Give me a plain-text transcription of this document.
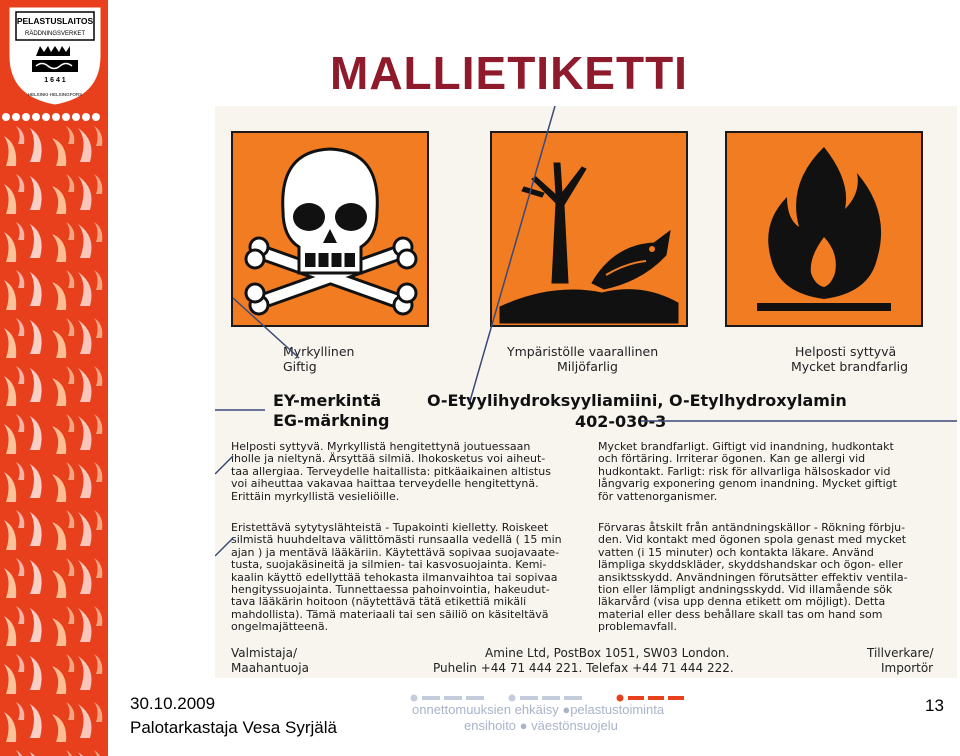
PELASTUSLAITOS
RÄDDNINGSVERKET
1 6 4 1
HELSINKI·HELSINGFORS	MALLIETIKETTI
Myrkyllinen
Giftig
Ympäristölle vaarallinen
Miljöfarlig
Helposti syttyvä
Mycket brandfarlig
EY-merkintä
EG-märkning
O-Etyylihydroksyyliamiini, O-Etylhydroxylamin
402-030-3
Helposti syttyvä. Myrkyllistä hengitettynä joutuessaan
iholle ja nieltynä. Ärsyttää silmiä. Ihokosketus voi aiheut-
taa allergiaa. Terveydelle haitallista: pitkäaikainen altistus
voi aiheuttaa vakavaa haittaa terveydelle hengitettynä.
Erittäin myrkyllistä vesieliöille.
Mycket brandfarligt. Giftigt vid inandning, hudkontakt
och förtäring. Irriterar ögonen. Kan ge allergi vid
hudkontakt. Farligt: risk för allvarliga hälsoskador vid
långvarig exponering genom inandning. Mycket giftigt
för vattenorganismer.
Eristettävä sytytyslähteistä - Tupakointi kielletty. Roiskeet
silmistä huuhdeltava välittömästi runsaalla vedellä ( 15 min
ajan ) ja mentävä lääkäriin. Käytettävä sopivaa suojavaate-
tusta, suojakäsineitä ja silmien- tai kasvosuojainta. Kemi-
kaalin käyttö edellyttää tehokasta ilmanvaihtoa tai sopivaa
hengityssuojainta. Tunnettaessa pahoinvointia, hakeudut-
tava lääkärin hoitoon (näytettävä tätä etikettiä mikäli
mahdollista). Tämä materiaali tai sen säiliö on käsiteltävä
ongelmajätteenä.
Förvaras åtskilt från antändningskällor - Rökning förbju-
den. Vid kontakt med ögonen spola genast med mycket
vatten (i 15 minuter) och kontakta läkare. Använd
lämpliga skyddskläder, skyddshandskar och ögon- eller
ansiktsskydd. Användningen förutsätter effektiv ventila-
tion eller lämpligt andningsskydd. Vid illamående sök
läkarvård (visa upp denna etikett om möjligt). Detta
material eller dess behållare skall tas om hand som
problemavfall.
Valmistaja/
Maahantuoja
Amine Ltd, PostBox 1051, SW03 London.
Puhelin +44 71 444 221. Telefax +44 71 444 222.
Tillverkare/
Importör
30.10.2009
Palotarkastaja Vesa Syrjälä
onnettomuuksien ehkäisy ●pelastustoiminta
ensihoito ● väestönsuojelu
13
